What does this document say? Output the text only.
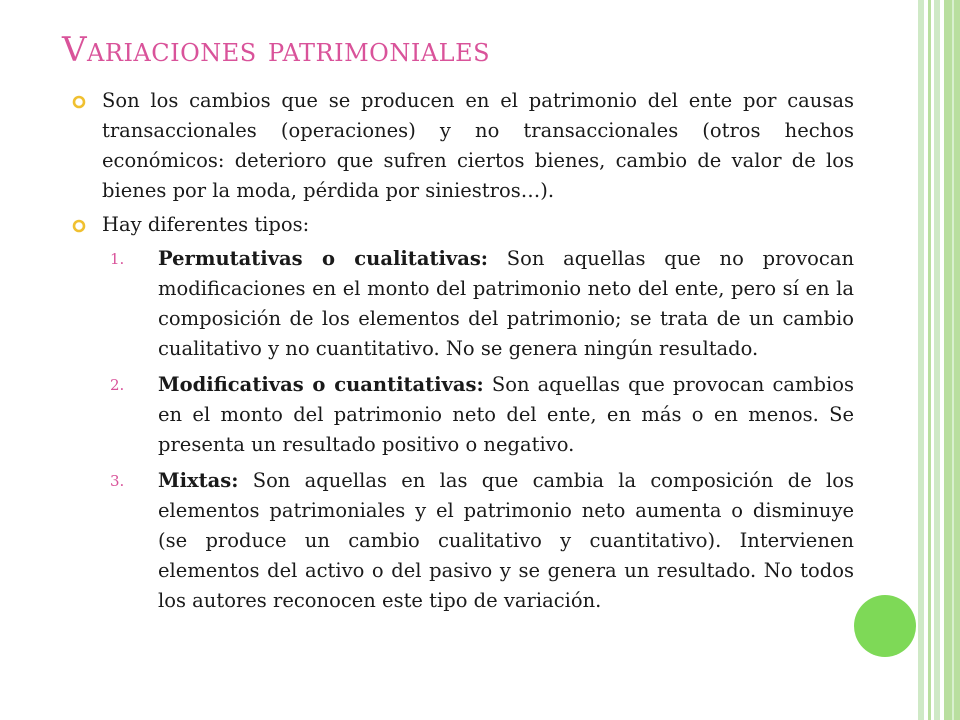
Variaciones patrimoniales
Son los cambios que se producen en el patrimonio del ente por causas transaccionales (operaciones) y no transaccionales (otros hechos económicos: deterioro que sufren ciertos bienes, cambio de valor de los bienes por la moda, pérdida por siniestros…).
Hay diferentes tipos:
1. Permutativas o cualitativas: Son aquellas que no provocan modificaciones en el monto del patrimonio neto del ente, pero sí en la composición de los elementos del patrimonio; se trata de un cambio cualitativo y no cuantitativo. No se genera ningún resultado.
2. Modificativas o cuantitativas: Son aquellas que provocan cambios en el monto del patrimonio neto del ente, en más o en menos. Se presenta un resultado positivo o negativo.
3. Mixtas: Son aquellas en las que cambia la composición de los elementos patrimoniales y el patrimonio neto aumenta o disminuye (se produce un cambio cualitativo y cuantitativo). Intervienen elementos del activo o del pasivo y se genera un resultado. No todos los autores reconocen este tipo de variación.
